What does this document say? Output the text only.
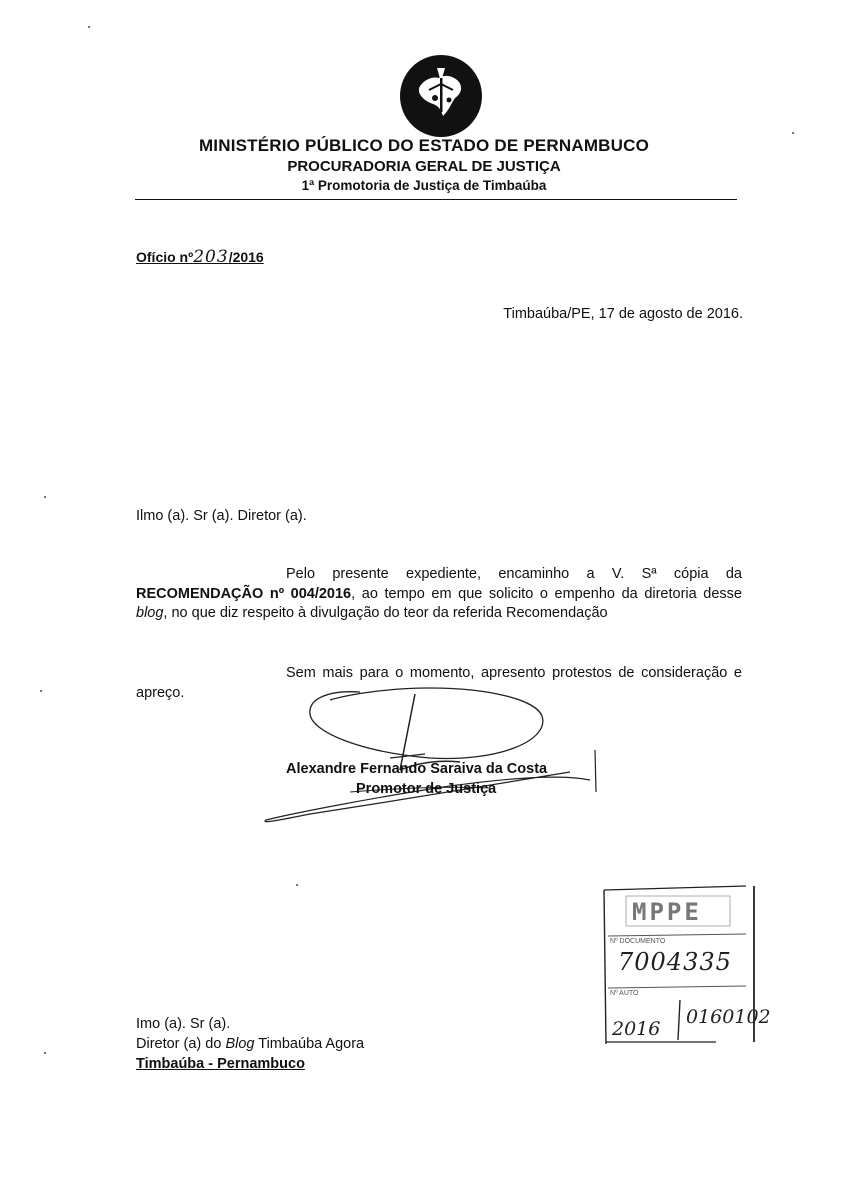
MINISTÉRIO PÚBLICO DO ESTADO DE PERNAMBUCO
PROCURADORIA GERAL DE JUSTIÇA
1ª Promotoria de Justiça de Timbaúba
Ofício nº203/2016
Timbaúba/PE, 17 de agosto de 2016.
Ilmo (a). Sr (a). Diretor (a).

Pelo presente expediente, encaminho a V. Sª cópia da RECOMENDAÇÃO nº 004/2016, ao tempo em que solicito o empenho da diretoria desse blog, no que diz respeito à divulgação do teor da referida Recomendação

Sem mais para o momento, apresento protestos de consideração e apreço.

Alexandre Fernando Saraiva da Costa
Promotor de Justiça
MPPE
Nº DOCUMENTO
7004335
Nº AUTO
2016
0160102
Imo (a). Sr (a).
Diretor (a) do Blog Timbaúba Agora
Timbaúba - Pernambuco
